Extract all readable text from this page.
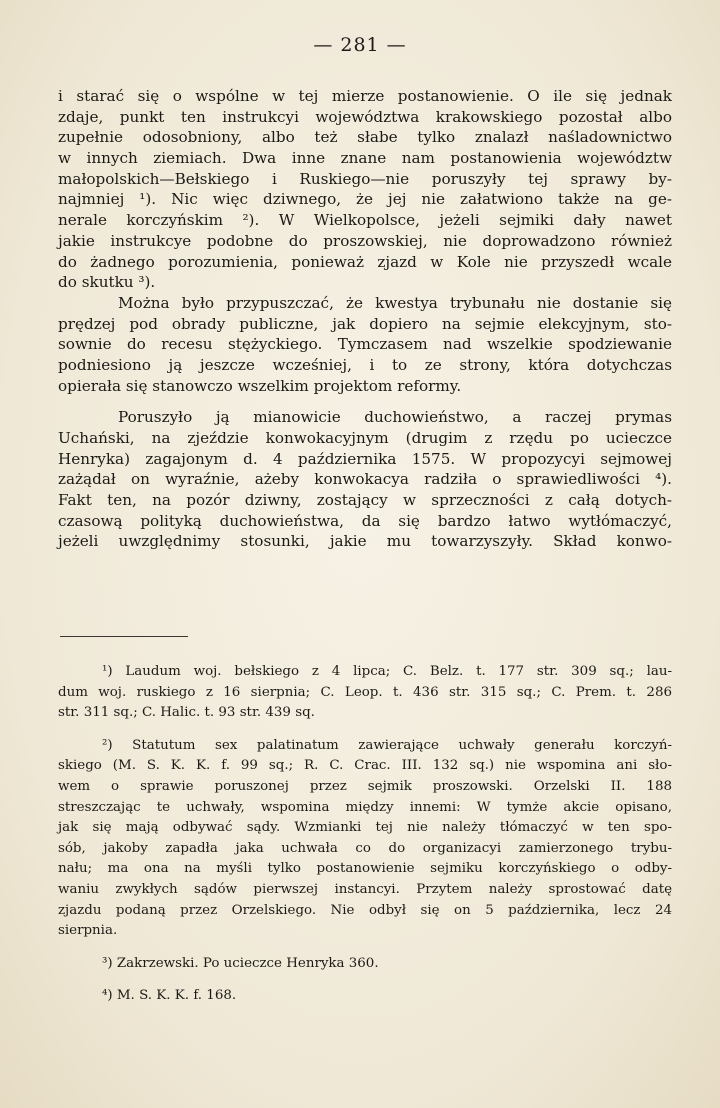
— 281 —
i starać się o wspólne w tej mierze postanowienie. O ile się jednak
zdaje, punkt ten instrukcyi województwa krakowskiego pozostał albo
zupełnie odosobniony, albo też słabe tylko znalazł naśladownictwo
w innych ziemiach. Dwa inne znane nam postanowienia województw
małopolskich—Bełskiego i Ruskiego—nie poruszyły tej sprawy by-
najmniej ¹). Nic więc dziwnego, że jej nie załatwiono także na ge-
nerale korczyńskim ²). W Wielkopolsce, jeżeli sejmiki dały nawet
jakie instrukcye podobne do proszowskiej, nie doprowadzono również
do żadnego porozumienia, ponieważ zjazd w Kole nie przyszedł wcale
do skutku ³).
Można było przypuszczać, że kwestya trybunału nie dostanie się
prędzej pod obrady publiczne, jak dopiero na sejmie elekcyjnym, sto-
sownie do recesu stężyckiego. Tymczasem nad wszelkie spodziewanie
podniesiono ją jeszcze wcześniej, i to ze strony, która dotychczas
opierała się stanowczo wszelkim projektom reformy.
Poruszyło ją mianowicie duchowieństwo, a raczej prymas
Uchański, na zjeździe konwokacyjnym (drugim z rzędu po ucieczce
Henryka) zagajonym d. 4 października 1575. W propozycyi sejmowej
zażądał on wyraźnie, ażeby konwokacya radziła o sprawiedliwości ⁴).
Fakt ten, na pozór dziwny, zostający w sprzeczności z całą dotych-
czasową polityką duchowieństwa, da się bardzo łatwo wytłómaczyć,
jeżeli uwzględnimy stosunki, jakie mu towarzyszyły. Skład konwo-
¹) Laudum woj. bełskiego z 4 lipca; C. Belz. t. 177 str. 309 sq.; lau-
dum woj. ruskiego z 16 sierpnia; C. Leop. t. 436 str. 315 sq.; C. Prem. t. 286
str. 311 sq.; C. Halic. t. 93 str. 439 sq.
²) Statutum sex palatinatum zawierające uchwały generału korczyń-
skiego (M. S. K. K. f. 99 sq.; R. C. Crac. III. 132 sq.) nie wspomina ani sło-
wem o sprawie poruszonej przez sejmik proszowski. Orzelski II. 188
streszczając te uchwały, wspomina między innemi: W tymże akcie opisano,
jak się mają odbywać sądy. Wzmianki tej nie należy tłómaczyć w ten spo-
sób, jakoby zapadła jaka uchwała co do organizacyi zamierzonego trybu-
nału; ma ona na myśli tylko postanowienie sejmiku korczyńskiego o odby-
waniu zwykłych sądów pierwszej instancyi. Przytem należy sprostować datę
zjazdu podaną przez Orzelskiego. Nie odbył się on 5 października, lecz 24
sierpnia.
³) Zakrzewski. Po ucieczce Henryka 360.
⁴) M. S. K. K. f. 168.
